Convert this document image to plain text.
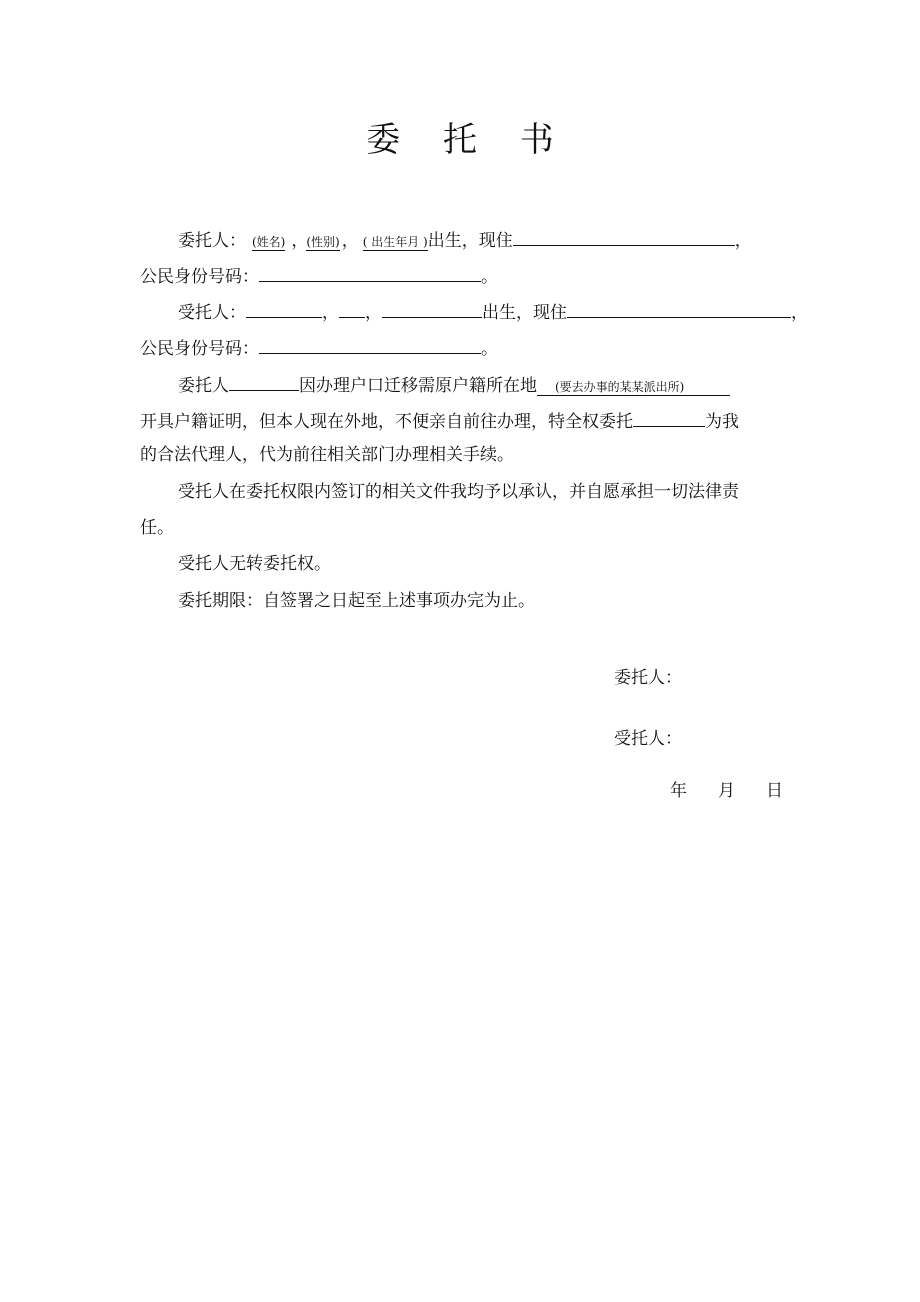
委 托 书
委托人： (姓名) ，(性别) ， ( 出生年月 )出生，现住	，
公民身份号码：	。
受托人：	， ，	出生，现住	，
公民身份号码：	。
委托人	因办理户口迁移需原户籍所在地 (要去办事的某某派出所)
开具户籍证明，但本人现在外地，不便亲自前往办理，特全权委托	为我
的合法代理人，代为前往相关部门办理相关手续。
受托人在委托权限内签订的相关文件我均予以承认，并自愿承担一切法律责
任。
受托人无转委托权。
委托期限：自签署之日起至上述事项办完为止。
委托人：
受托人：
年 月 日
